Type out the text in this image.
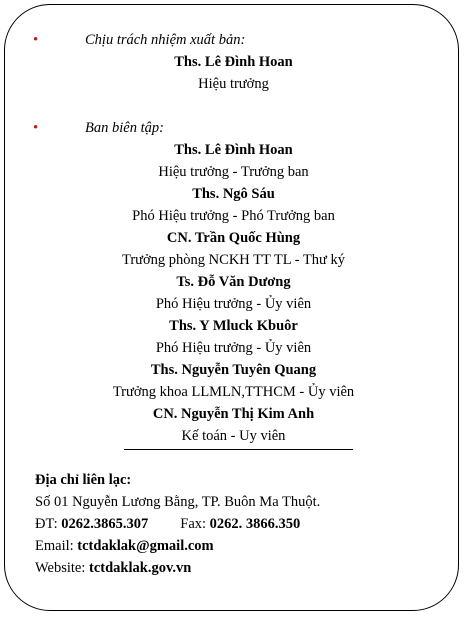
•	Chịu trách nhiệm xuất bản:
Ths. Lê Đình Hoan
Hiệu trưởng
•	Ban biên tập:
Ths. Lê Đình Hoan
Hiệu trưởng - Trưởng ban
Ths. Ngô Sáu
Phó Hiệu trưởng - Phó Trưởng ban
CN. Trần Quốc Hùng
Trưởng phòng NCKH TT TL - Thư ký
Ts. Đỗ Văn Dương
Phó Hiệu trưởng - Ủy viên
Ths. Y Mluck Kbuôr
Phó Hiệu trưởng - Ủy viên
Ths. Nguyễn Tuyên Quang
Trưởng khoa LLMLN,TTHCM - Ủy viên
CN. Nguyễn Thị Kim Anh
Kế toán - Uy viên
Địa chỉ liên lạc:
Số 01 Nguyễn Lương Bằng, TP. Buôn Ma Thuột.
ĐT: 0262.3865.307 Fax: 0262. 3866.350
Email: tctdaklak@gmail.com
Website: tctdaklak.gov.vn
